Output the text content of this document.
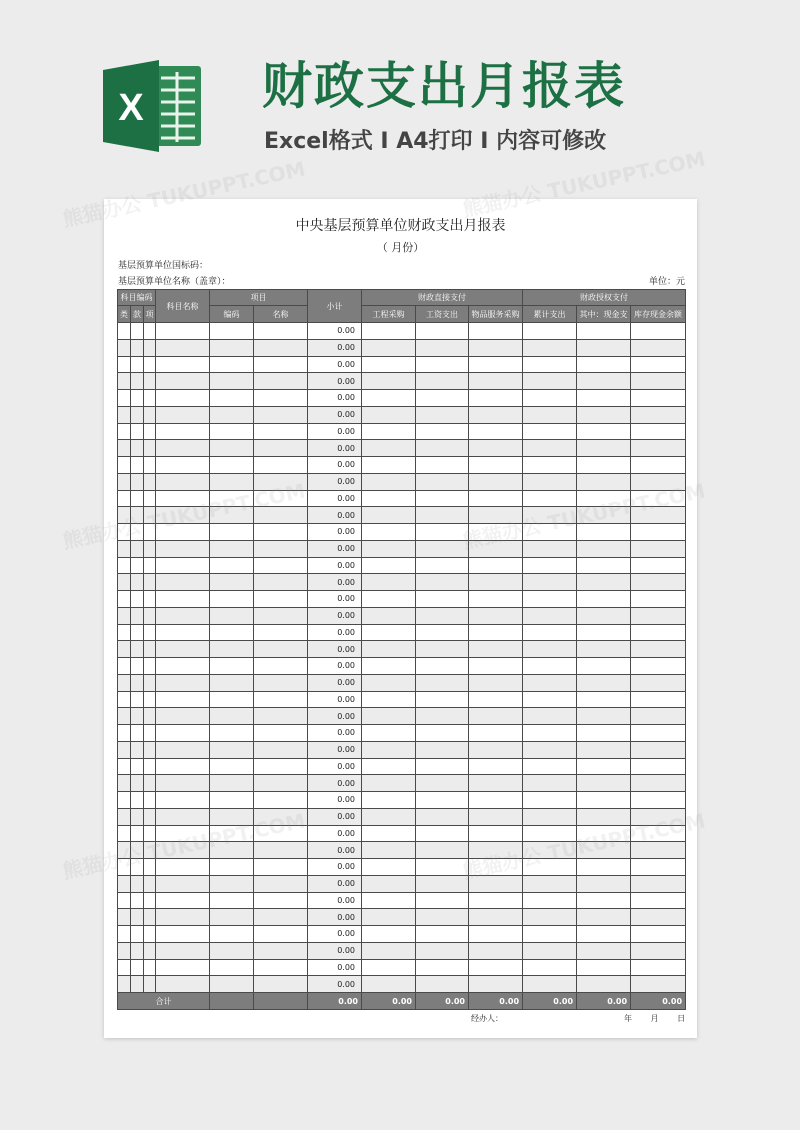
X 财政支出月报表
Excel格式 Ⅰ A4打印 Ⅰ 内容可修改
中央基层预算单位财政支出月报表
（ 月份）
基层预算单位国标码：
基层预算单位名称（盖章）：	单位：元
科目编码			科目名称	项目		小计	财政直接支付			财政授权支付		
类	款	项		编码	名称		工程采购	工资支出	物品服务采购	累计支出	其中：现金支	库存现金余额
						0.00						
						0.00						
						0.00						
						0.00						
						0.00						
						0.00						
						0.00						
						0.00						
						0.00						
						0.00						
						0.00						
						0.00						
						0.00						
						0.00						
						0.00						
						0.00						
						0.00						
						0.00						
						0.00						
						0.00						
						0.00						
						0.00						
						0.00						
						0.00						
						0.00						
						0.00						
						0.00						
						0.00						
						0.00						
						0.00						
						0.00						
						0.00						
						0.00						
						0.00						
						0.00						
						0.00						
						0.00						
						0.00						
						0.00						
						0.00						
合计						0.00	0.00	0.00	0.00	0.00	0.00	0.00
经办人：	年 月 日
熊猫办公 TUKUPPT.COM	熊猫办公 TUKUPPT.COM
熊猫办公
熊猫办公
